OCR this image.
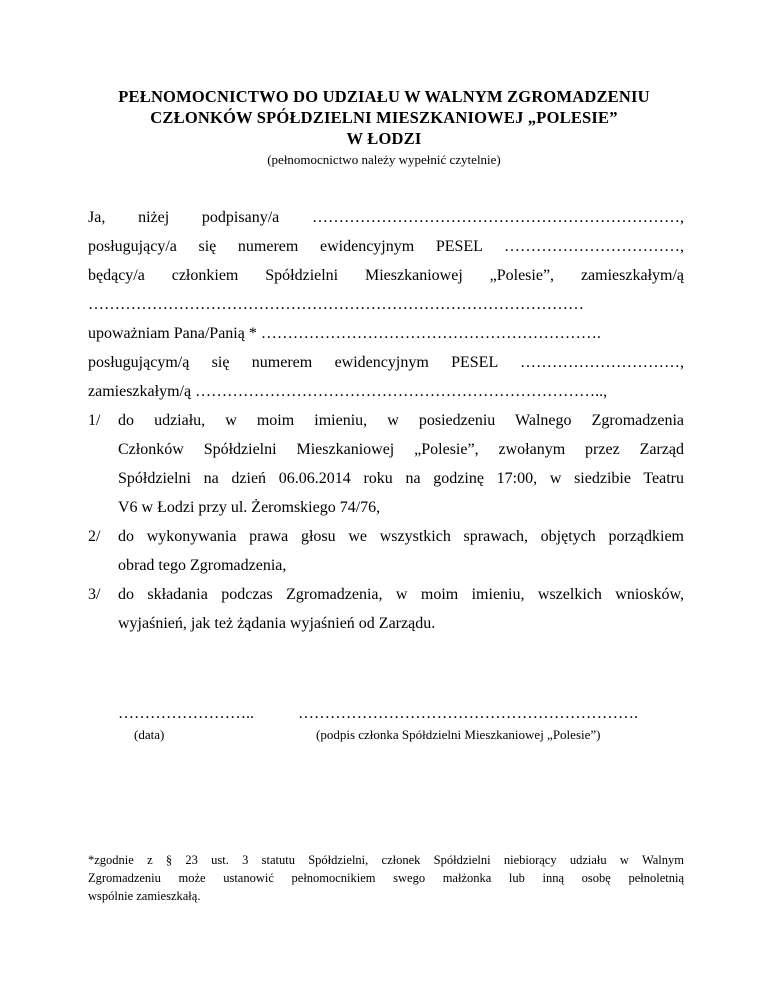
PEŁNOMOCNICTWO DO UDZIAŁU W WALNYM ZGROMADZENIU
CZŁONKÓW SPÓŁDZIELNI MIESZKANIOWEJ „POLESIE”
W ŁODZI
(pełnomocnictwo należy wypełnić czytelnie)
Ja, niżej podpisany/a ……………………………………………………………,
posługujący/a się numerem ewidencyjnym PESEL ……………………………,
będący/a członkiem Spółdzielni Mieszkaniowej „Polesie”, zamieszkałym/ą
…………………………………………………………………………………
upoważniam Pana/Panią * ……………………………………………………….
posługującym/ą się numerem ewidencyjnym PESEL …………………………,
zamieszkałym/ą …………………………………………………………………..,
1/ do udziału, w moim imieniu, w posiedzeniu Walnego Zgromadzenia
Członków Spółdzielni Mieszkaniowej „Polesie”, zwołanym przez Zarząd
Spółdzielni na dzień 06.06.2014 roku na godzinę 17:00, w siedzibie Teatru
V6 w Łodzi przy ul. Żeromskiego 74/76,
2/ do wykonywania prawa głosu we wszystkich sprawach, objętych porządkiem
obrad tego Zgromadzenia,
3/ do składania podczas Zgromadzenia, w moim imieniu, wszelkich wniosków,
wyjaśnień, jak też żądania wyjaśnień od Zarządu.
……………………..
(data)
……………………………………………………….
(podpis członka Spółdzielni Mieszkaniowej „Polesie”)
*zgodnie z § 23 ust. 3 statutu Spółdzielni, członek Spółdzielni niebiorący udziału w Walnym
Zgromadzeniu może ustanowić pełnomocnikiem swego małżonka lub inną osobę pełnoletnią
wspólnie zamieszkałą.
